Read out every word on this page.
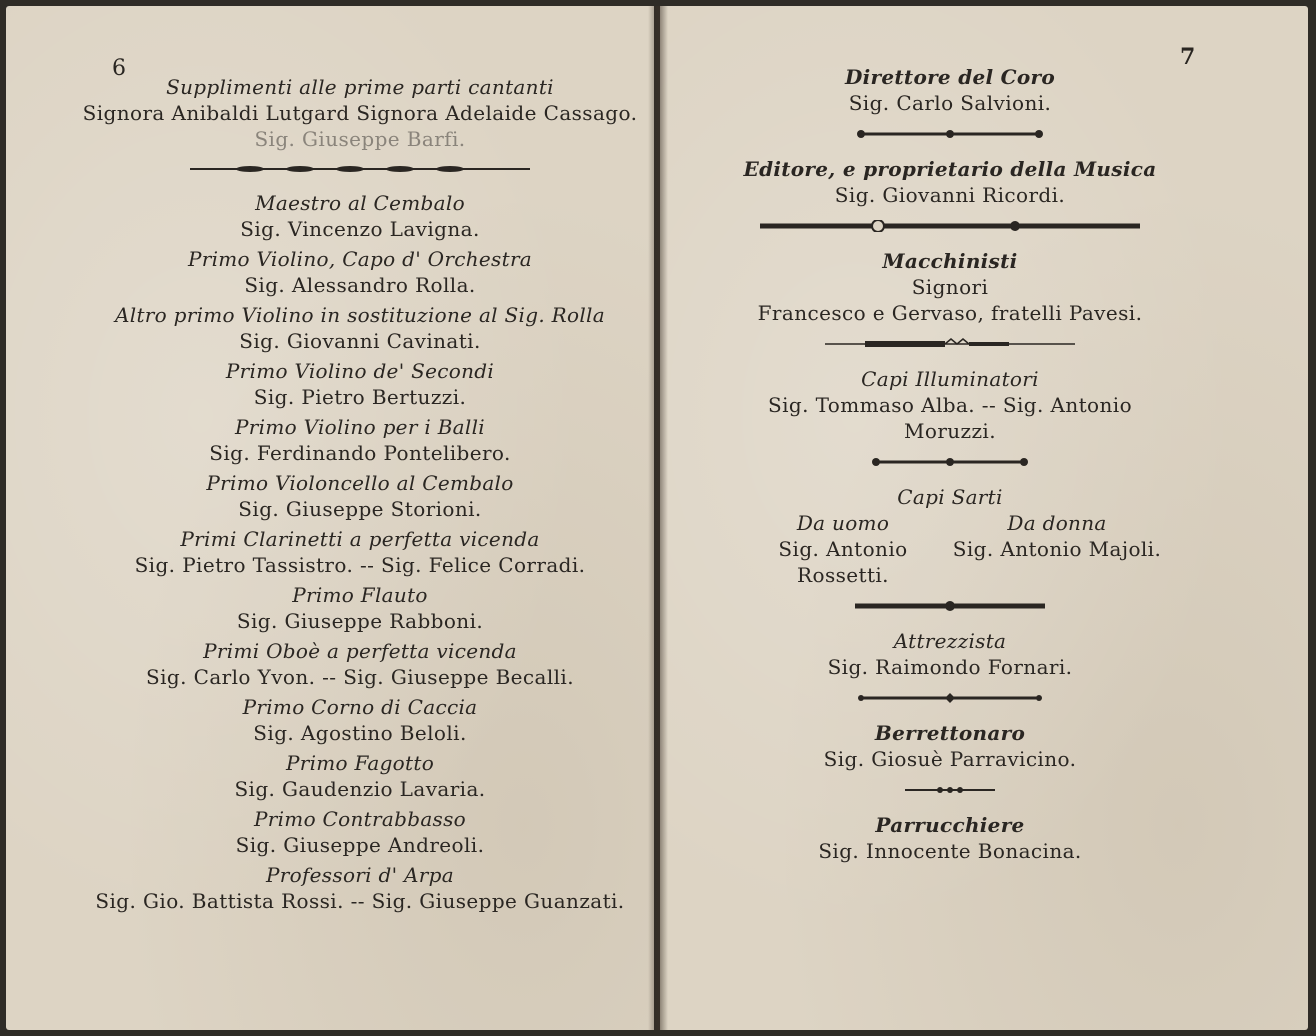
6	7
Supplimenti alle prime parti cantanti
Signora Anibaldi Lutgard Signora Adelaide Cassago.
Sig. Giuseppe Barfi.
Maestro al Cembalo
Sig. Vincenzo Lavigna.
Primo Violino, Capo d' Orchestra
Sig. Alessandro Rolla.
Altro primo Violino in sostituzione al Sig. Rolla
Sig. Giovanni Cavinati.
Primo Violino de' Secondi
Sig. Pietro Bertuzzi.
Primo Violino per i Balli
Sig. Ferdinando Pontelibero.
Primo Violoncello al Cembalo
Sig. Giuseppe Storioni.
Primi Clarinetti a perfetta vicenda
Sig. Pietro Tassistro. -- Sig. Felice Corradi.
Primo Flauto
Sig. Giuseppe Rabboni.
Primi Oboè a perfetta vicenda
Sig. Carlo Yvon. -- Sig. Giuseppe Becalli.
Primo Corno di Caccia
Sig. Agostino Beloli.
Primo Fagotto
Sig. Gaudenzio Lavaria.
Primo Contrabbasso
Sig. Giuseppe Andreoli.
Professori d' Arpa
Sig. Gio. Battista Rossi. -- Sig. Giuseppe Guanzati.
Direttore del Coro
Sig. Carlo Salvioni.
Editore, e proprietario della Musica
Sig. Giovanni Ricordi.
Macchinisti
Signori
Francesco e Gervaso, fratelli Pavesi.
Capi Illuminatori
Sig. Tommaso Alba. -- Sig. Antonio Moruzzi.
Capi Sarti
Da uomo
Sig. Antonio Rossetti.
Da donna
Sig. Antonio Majoli.
Attrezzista
Sig. Raimondo Fornari.
Berrettonaro
Sig. Giosuè Parravicino.
Parrucchiere
Sig. Innocente Bonacina.
